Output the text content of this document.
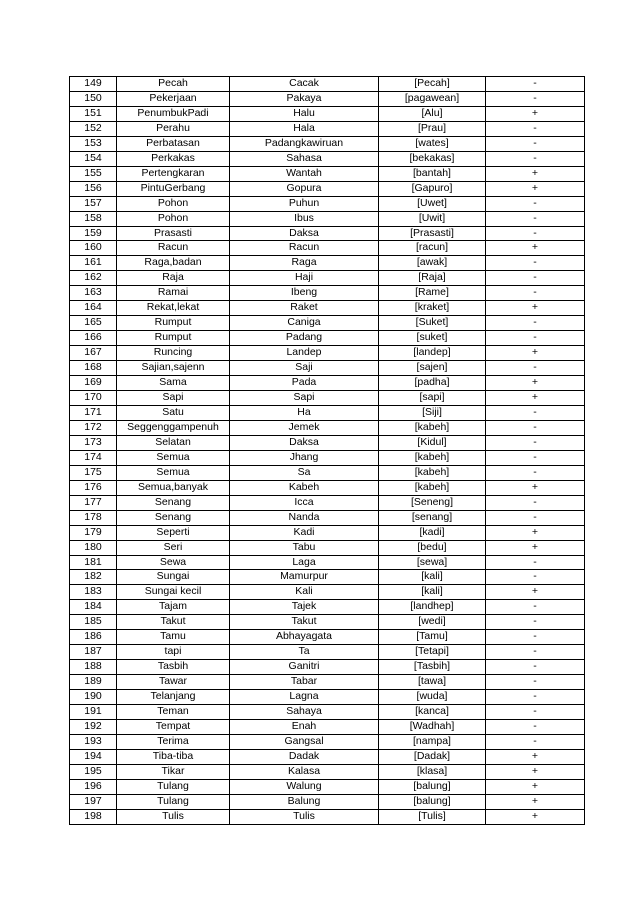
149	Pecah	Cacak	[Pecah]	-
150	Pekerjaan	Pakaya	[pagawean]	-
151	PenumbukPadi	Halu	[Alu]	+
152	Perahu	Hala	[Prau]	-
153	Perbatasan	Padangkawiruan	[wates]	-
154	Perkakas	Sahasa	[bekakas]	-
155	Pertengkaran	Wantah	[bantah]	+
156	PintuGerbang	Gopura	[Gapuro]	+
157	Pohon	Puhun	[Uwet]	-
158	Pohon	Ibus	[Uwit]	-
159	Prasasti	Daksa	[Prasasti]	-
160	Racun	Racun	[racun]	+
161	Raga,badan	Raga	[awak]	-
162	Raja	Haji	[Raja]	-
163	Ramai	Ibeng	[Rame]	-
164	Rekat,lekat	Raket	[kraket]	+
165	Rumput	Caniga	[Suket]	-
166	Rumput	Padang	[suket]	-
167	Runcing	Landep	[landep]	+
168	Sajian,sajenn	Saji	[sajen]	-
169	Sama	Pada	[padha]	+
170	Sapi	Sapi	[sapi]	+
171	Satu	Ha	[Siji]	-
172	Seggenggampenuh	Jemek	[kabeh]	-
173	Selatan	Daksa	[Kidul]	-
174	Semua	Jhang	[kabeh]	-
175	Semua	Sa	[kabeh]	-
176	Semua,banyak	Kabeh	[kabeh]	+
177	Senang	Icca	[Seneng]	-
178	Senang	Nanda	[senang]	-
179	Seperti	Kadi	[kadi]	+
180	Seri	Tabu	[bedu]	+
181	Sewa	Laga	[sewa]	-
182	Sungai	Mamurpur	[kali]	-
183	Sungai kecil	Kali	[kali]	+
184	Tajam	Tajek	[landhep]	-
185	Takut	Takut	[wedi]	-
186	Tamu	Abhayagata	[Tamu]	-
187	tapi	Ta	[Tetapi]	-
188	Tasbih	Ganitri	[Tasbih]	-
189	Tawar	Tabar	[tawa]	-
190	Telanjang	Lagna	[wuda]	-
191	Teman	Sahaya	[kanca]	-
192	Tempat	Enah	[Wadhah]	-
193	Terima	Gangsal	[nampa]	-
194	Tiba-tiba	Dadak	[Dadak]	+
195	Tikar	Kalasa	[klasa]	+
196	Tulang	Walung	[balung]	+
197	Tulang	Balung	[balung]	+
198	Tulis	Tulis	[Tulis]	+
